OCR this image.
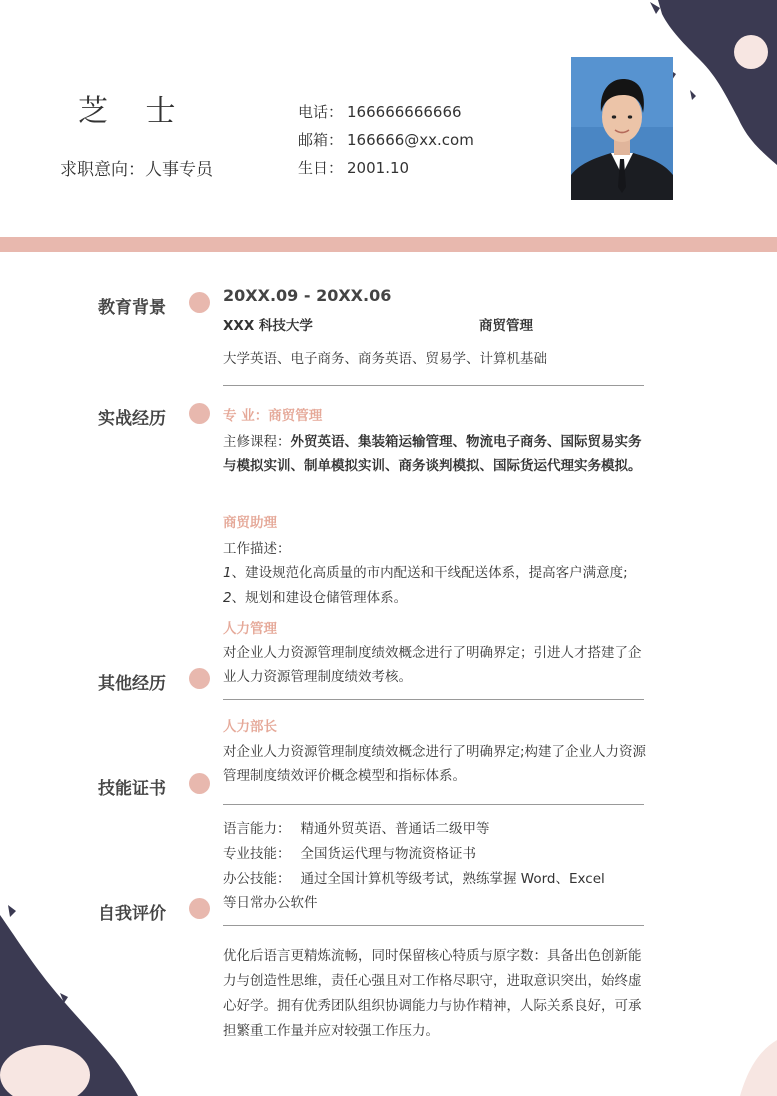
芝 士
求职意向：人事专员
电话： 166666666666
邮箱： 166666@xx.com
生日： 2001.10
教育背景
实战经历
其他经历
技能证书
自我评价
20XX.09 - 20XX.06
XXX 科技大学	商贸管理
大学英语、电子商务、商务英语、贸易学、计算机基础
专 业：商贸管理
主修课程：外贸英语、集装箱运输管理、物流电子商务、国际贸易实务与模拟实训、制单模拟实训、商务谈判模拟、国际货运代理实务模拟。
商贸助理
工作描述：
1、建设规范化高质量的市内配送和干线配送体系，提高客户满意度;
2、规划和建设仓储管理体系。
人力管理
对企业人力资源管理制度绩效概念进行了明确界定；引进人才搭建了企业人力资源管理制度绩效考核。
人力部长
对企业人力资源管理制度绩效概念进行了明确界定;构建了企业人力资源管理制度绩效评价概念模型和指标体系。
语言能力： 精通外贸英语、普通话二级甲等
专业技能： 全国货运代理与物流资格证书
办公技能： 通过全国计算机等级考试，熟练掌握 Word、Excel
等日常办公软件
优化后语言更精炼流畅，同时保留核心特质与原字数：具备出色创新能力与创造性思维，责任心强且对工作格尽职守，进取意识突出，始终虚心好学。拥有优秀团队组织协调能力与协作精神，人际关系良好，可承担繁重工作量并应对较强工作压力。
